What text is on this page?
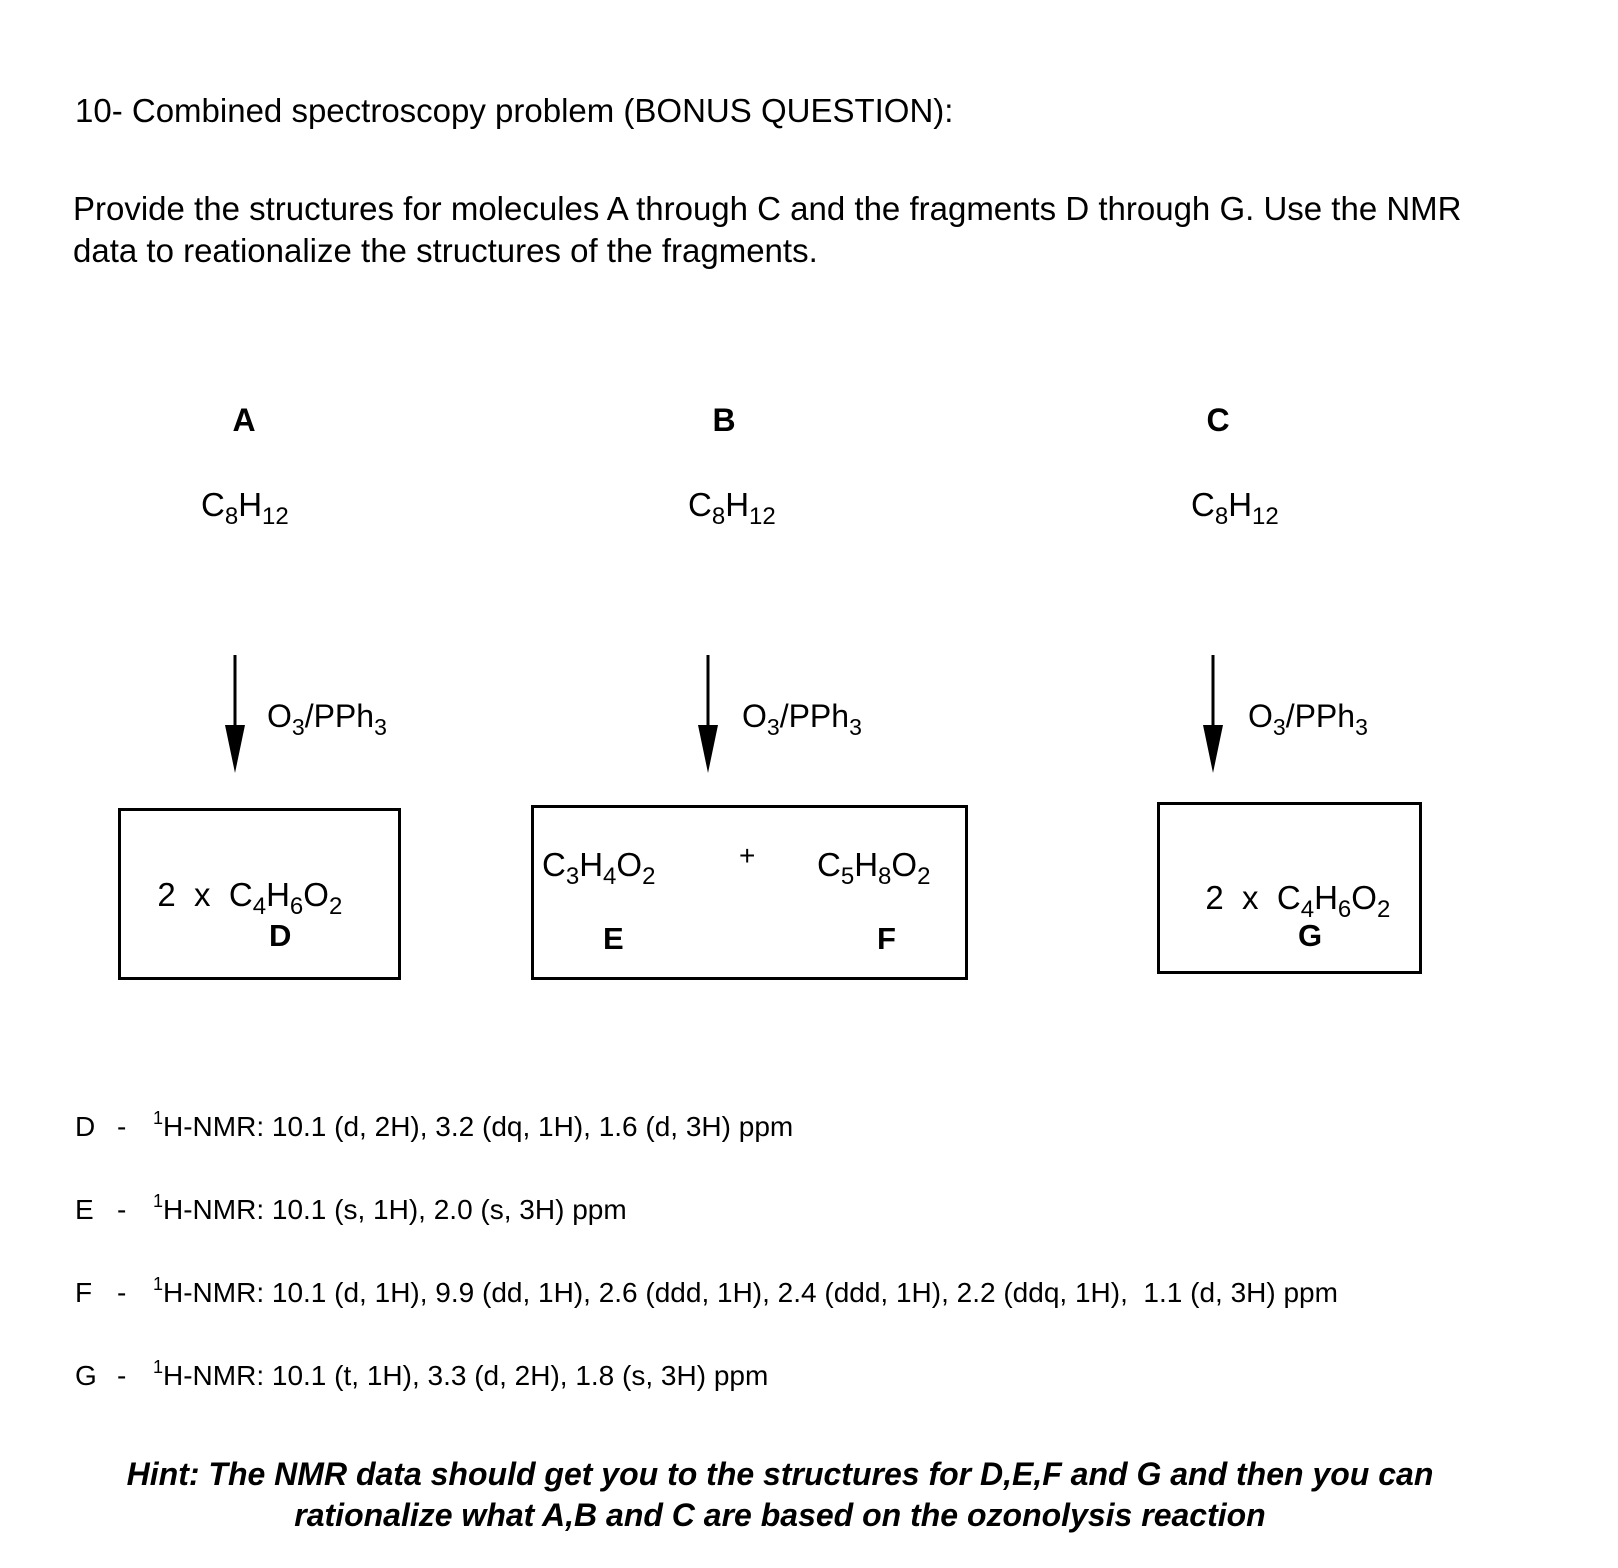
10- Combined spectroscopy problem (BONUS QUESTION):
Provide the structures for molecules A through C and the fragments D through G. Use the NMR
data to reationalize the structures of the fragments.
A	B	C
$C_8H_{12}$	$C_8H_{12}$	$C_8H_{12}$
$O_3/PPh_3$	$O_3/PPh_3$	$O_3/PPh_3$

2  x  $C_4H_6O_2$

D
$C_3H_4O_2$
+ $C_5H_8O_2$
E	F

2  x  $C_4H_6O_2$

G
D - $^1$H-NMR: 10.1 (d, 2H), 3.2 (dq, 1H), 1.6 (d, 3H) ppm
E - $^1$H-NMR: 10.1 (s, 1H), 2.0 (s, 3H) ppm
F - $^1$H-NMR: 10.1 (d, 1H), 9.9 (dd, 1H), 2.6 (ddd, 1H), 2.4 (ddd, 1H), 2.2 (ddq, 1H),  1.1 (d, 3H) ppm
G - $^1$H-NMR: 10.1 (t, 1H), 3.3 (d, 2H), 1.8 (s, 3H) ppm
Hint: The NMR data should get you to the structures for D,E,F and G and then you can
rationalize what A,B and C are based on the ozonolysis reaction
